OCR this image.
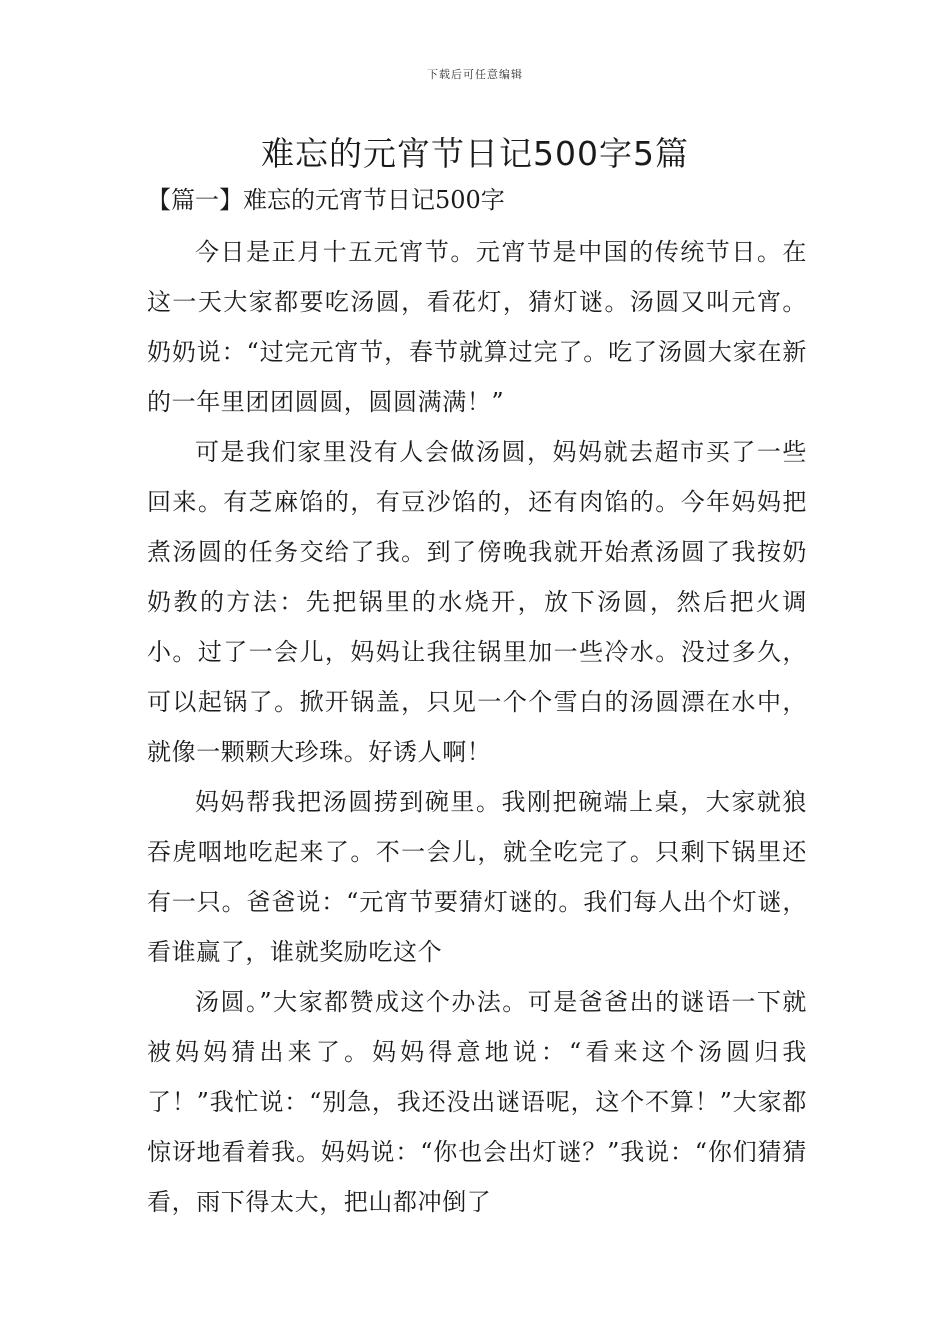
下载后可任意编辑
难忘的元宵节日记500字5篇
【篇一】难忘的元宵节日记500字

今日是正月十五元宵节。元宵节是中国的传统节日。在这一天大家都要吃汤圆，看花灯，猜灯谜。汤圆又叫元宵。奶奶说：“过完元宵节，春节就算过完了。吃了汤圆大家在新的一年里团团圆圆，圆圆满满！”

可是我们家里没有人会做汤圆，妈妈就去超市买了一些回来。有芝麻馅的，有豆沙馅的，还有肉馅的。今年妈妈把煮汤圆的任务交给了我。到了傍晚我就开始煮汤圆了我按奶奶教的方法：先把锅里的水烧开，放下汤圆，然后把火调小。过了一会儿，妈妈让我往锅里加一些冷水。没过多久，可以起锅了。掀开锅盖，只见一个个雪白的汤圆漂在水中，就像一颗颗大珍珠。好诱人啊！

妈妈帮我把汤圆捞到碗里。我刚把碗端上桌，大家就狼吞虎咽地吃起来了。不一会儿，就全吃完了。只剩下锅里还有一只。爸爸说：“元宵节要猜灯谜的。我们每人出个灯谜，看谁赢了，谁就奖励吃这个

汤圆。”大家都赞成这个办法。可是爸爸出的谜语一下就被妈妈猜出来了。妈妈得意地说：“看来这个汤圆归我了！”我忙说：“别急，我还没出谜语呢，这个不算！”大家都惊讶地看着我。妈妈说：“你也会出灯谜？”我说：“你们猜猜看，雨下得太大，把山都冲倒了
